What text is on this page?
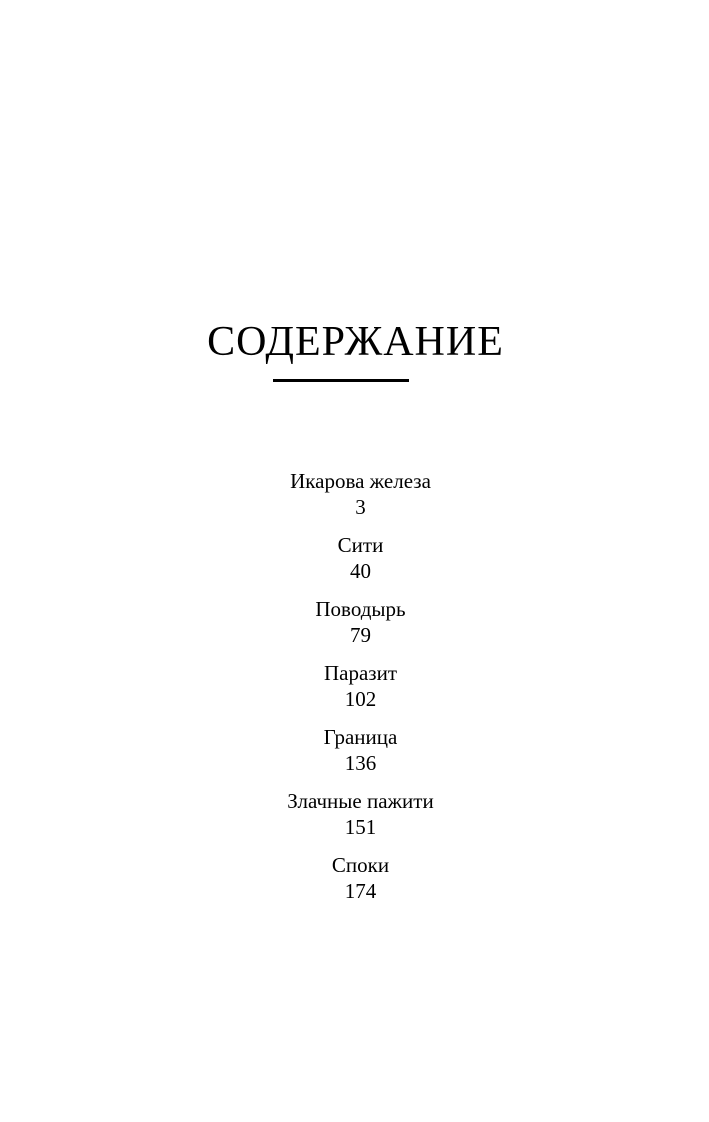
СОДЕРЖАНИЕ
Икарова железа
3
Сити
40
Поводырь
79
Паразит
102
Граница
136
Злачные пажити
151
Споки
174
